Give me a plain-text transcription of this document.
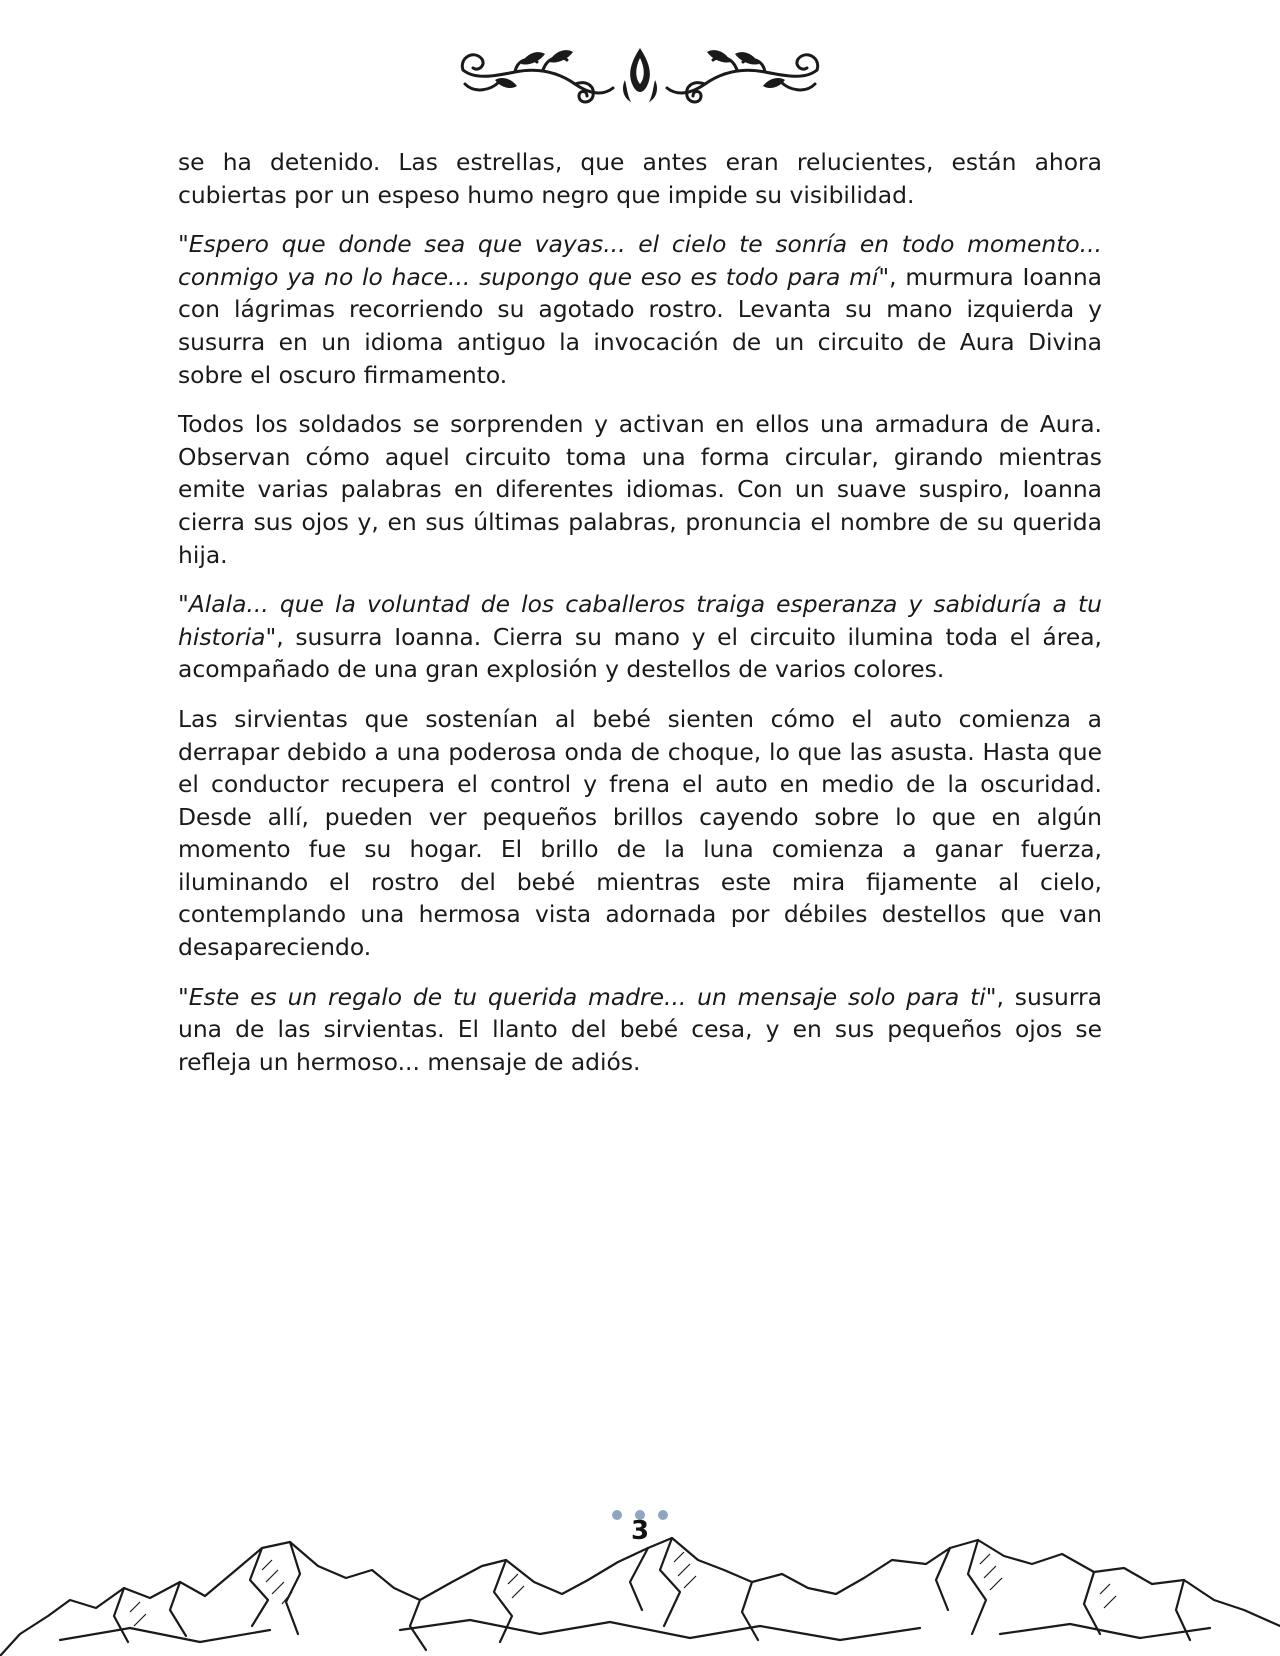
se ha detenido. Las estrellas, que antes eran relucientes, están ahora cubiertas por un espeso humo negro que impide su visibilidad.

"Espero que donde sea que vayas... el cielo te sonría en todo momento... conmigo ya no lo hace... supongo que eso es todo para mí", murmura Ioanna con lágrimas recorriendo su agotado rostro. Levanta su mano izquierda y susurra en un idioma antiguo la invocación de un circuito de Aura Divina sobre el oscuro firmamento.

Todos los soldados se sorprenden y activan en ellos una armadura de Aura. Observan cómo aquel circuito toma una forma circular, girando mientras emite varias palabras en diferentes idiomas. Con un suave suspiro, Ioanna cierra sus ojos y, en sus últimas palabras, pronuncia el nombre de su querida hija.

"Alala... que la voluntad de los caballeros traiga esperanza y sabiduría a tu historia", susurra Ioanna. Cierra su mano y el circuito ilumina toda el área, acompañado de una gran explosión y destellos de varios colores.

Las sirvientas que sostenían al bebé sienten cómo el auto comienza a derrapar debido a una poderosa onda de choque, lo que las asusta. Hasta que el conductor recupera el control y frena el auto en medio de la oscuridad. Desde allí, pueden ver pequeños brillos cayendo sobre lo que en algún momento fue su hogar. El brillo de la luna comienza a ganar fuerza, iluminando el rostro del bebé mientras este mira fijamente al cielo, contemplando una hermosa vista adornada por débiles destellos que van desapareciendo.

"Este es un regalo de tu querida madre... un mensaje solo para ti", susurra una de las sirvientas. El llanto del bebé cesa, y en sus pequeños ojos se refleja un hermoso... mensaje de adiós.

3
